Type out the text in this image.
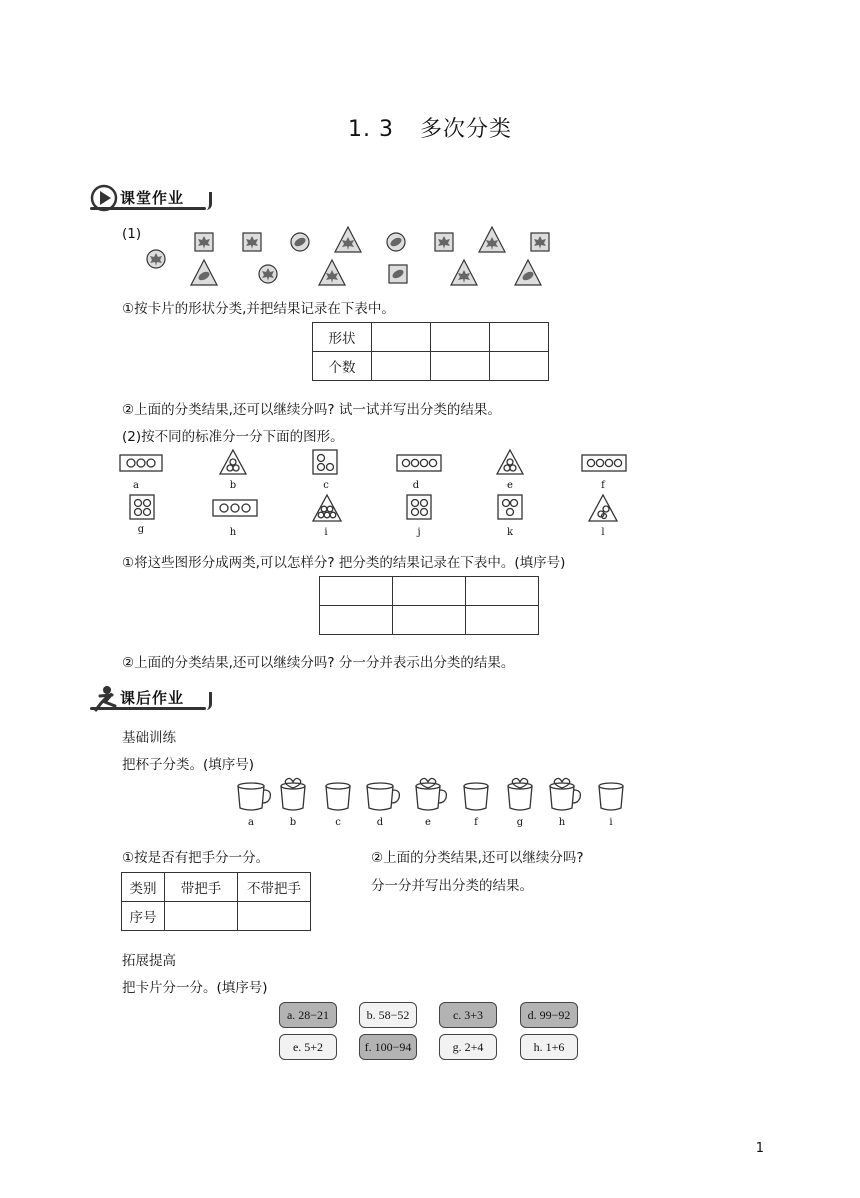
1. 3 多次分类
课堂作业
(1)
①按卡片的形状分类,并把结果记录在下表中。
形状			
个数			
②上面的分类结果,还可以继续分吗? 试一试并写出分类的结果。
(2)按不同的标准分一分下面的图形。
a	b	c	d	e	f
g	h	i	j	k	l
①将这些图形分成两类,可以怎样分? 把分类的结果记录在下表中。(填序号)

②上面的分类结果,还可以继续分吗? 分一分并表示出分类的结果。
课后作业
基础训练
把杯子分类。(填序号)
a	b	c	d	e	f	g	h	i
①按是否有把手分一分。	②上面的分类结果,还可以继续分吗?
分一分并写出分类的结果。
类别	带把手	不带把手
序号		
拓展提高
把卡片分一分。(填序号)
a. 28−21	b. 58−52	c. 3+3	d. 99−92
e. 5+2	f. 100−94	g. 2+4	h. 1+6
1
